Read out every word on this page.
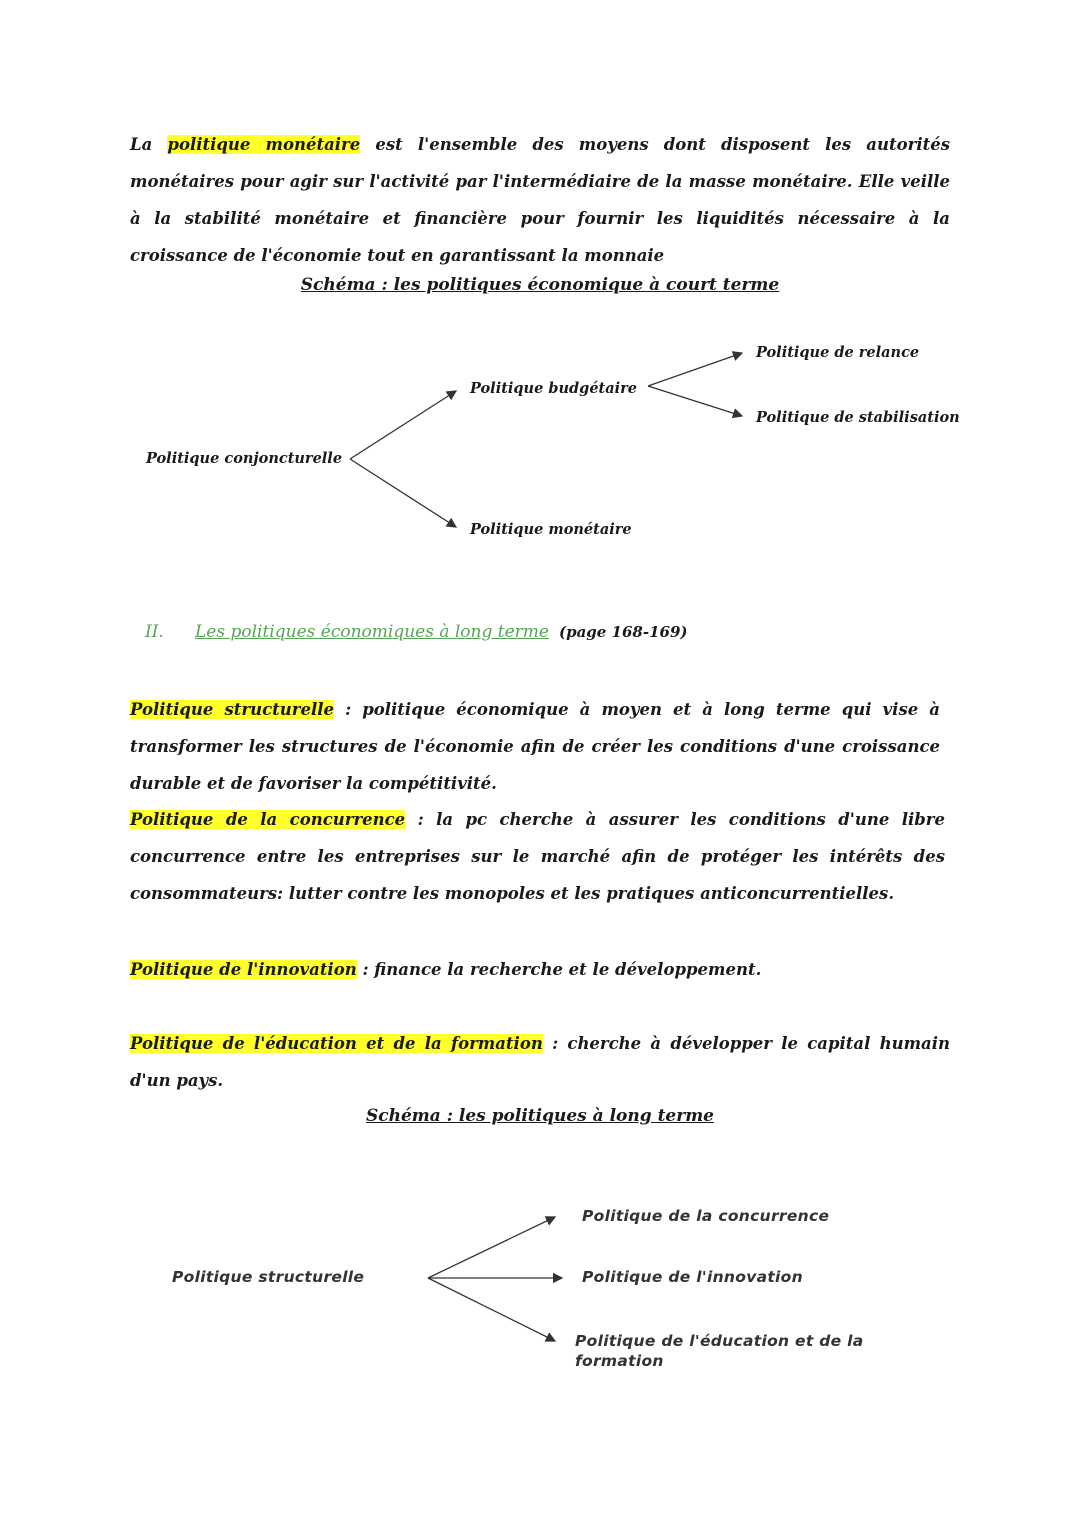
La politique monétaire est l'ensemble des moyens dont disposent les autorités monétaires pour agir sur l'activité par l'intermédiaire de la masse monétaire. Elle veille à la stabilité monétaire et financière pour fournir les liquidités nécessaire à la croissance de l'économie tout en garantissant la monnaie
Schéma : les politiques économique à court terme
Politique conjoncturelle
Politique budgétaire
Politique monétaire
Politique de relance
Politique de stabilisation
II. Les politiques économiques à long terme (page 168-169)
Politique structurelle : politique économique à moyen et à long terme qui vise à transformer les structures de l'économie afin de créer les conditions d'une croissance durable et de favoriser la compétitivité.
Politique de la concurrence : la pc cherche à assurer les conditions d'une libre concurrence entre les entreprises sur le marché afin de protéger les intérêts des consommateurs: lutter contre les monopoles et les pratiques anticoncurrentielles.
Politique de l'innovation : finance la recherche et le développement.
Politique de l'éducation et de la formation : cherche à développer le capital humain d'un pays.
Schéma : les politiques à long terme
Politique structurelle
Politique de la concurrence
Politique de l'innovation
Politique de l'éducation et de la formation
